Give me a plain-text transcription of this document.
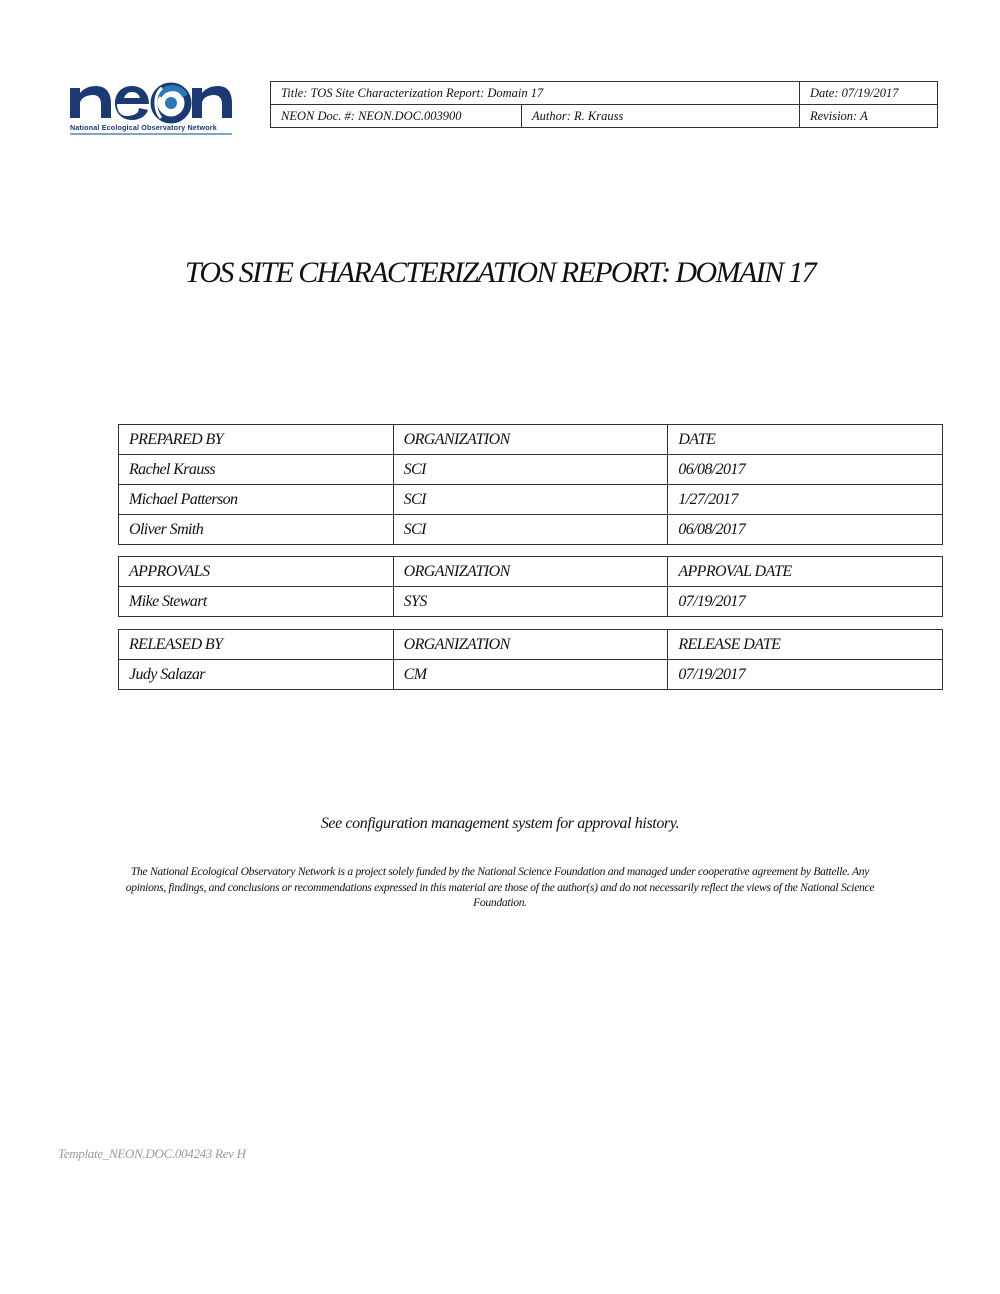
National Ecological Observatory Network
Title: TOS Site Characterization Report: Domain 17		Date: 07/19/2017
NEON Doc. #: NEON.DOC.003900	Author: R. Krauss	Revision: A
TOS SITE CHARACTERIZATION REPORT: DOMAIN 17
PREPARED BY	ORGANIZATION	DATE
Rachel Krauss	SCI	06/08/2017
Michael Patterson	SCI	1/27/2017
Oliver Smith	SCI	06/08/2017
APPROVALS	ORGANIZATION	APPROVAL DATE
Mike Stewart	SYS	07/19/2017
RELEASED BY	ORGANIZATION	RELEASE DATE
Judy Salazar	CM	07/19/2017
See configuration management system for approval history.
The National Ecological Observatory Network is a project solely funded by the National Science Foundation and managed under cooperative agreement by Battelle. Any opinions, findings, and conclusions or recommendations expressed in this material are those of the author(s) and do not necessarily reflect the views of the National Science Foundation.
Template_NEON.DOC.004243 Rev H
